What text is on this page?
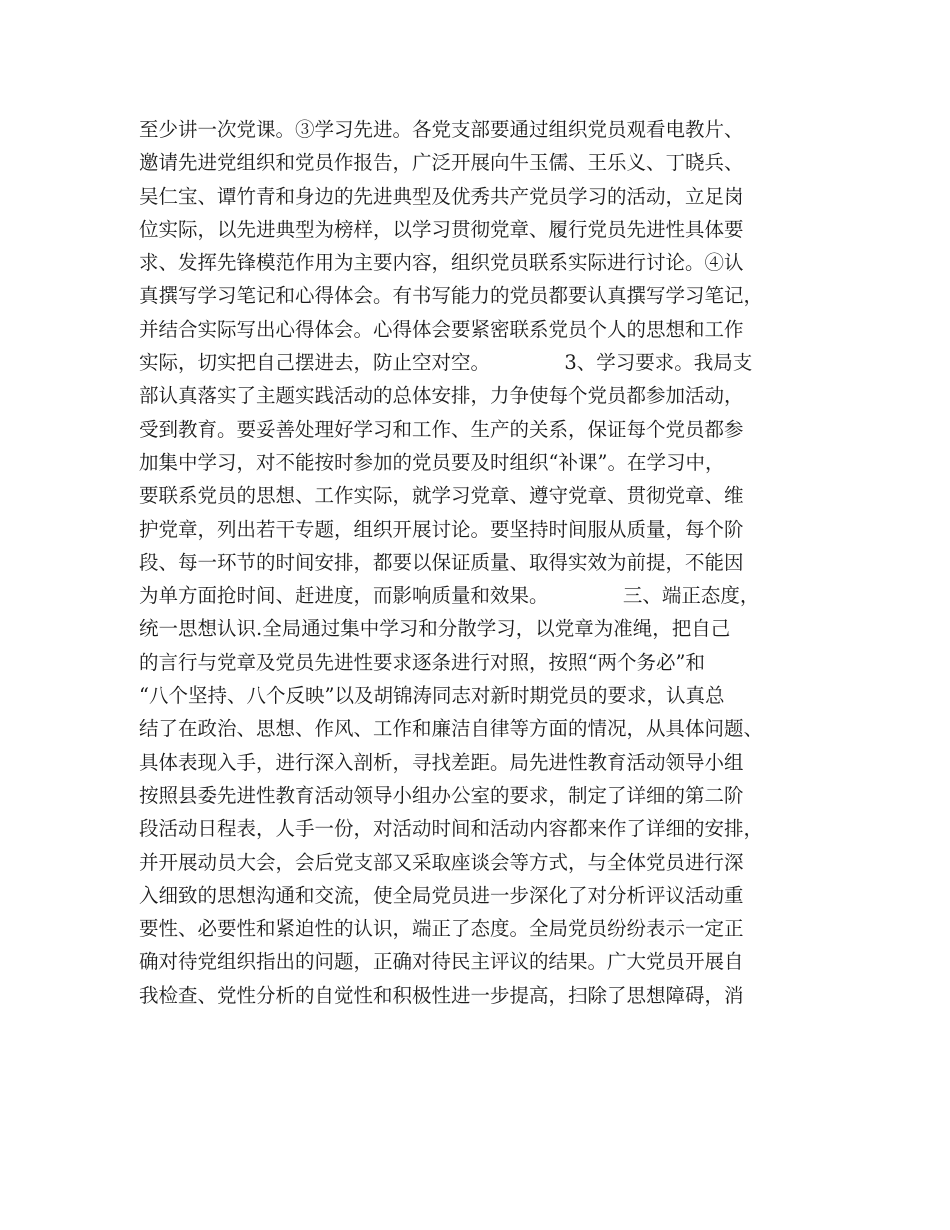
至少讲一次党课。③学习先进。各党支部要通过组织党员观看电教片、
邀请先进党组织和党员作报告，广泛开展向牛玉儒、王乐义、丁晓兵、
吴仁宝、谭竹青和身边的先进典型及优秀共产党员学习的活动，立足岗
位实际，以先进典型为榜样，以学习贯彻党章、履行党员先进性具体要
求、发挥先锋模范作用为主要内容，组织党员联系实际进行讨论。④认
真撰写学习笔记和心得体会。有书写能力的党员都要认真撰写学习笔记，
并结合实际写出心得体会。心得体会要紧密联系党员个人的思想和工作
实际，切实把自己摆进去，防止空对空。            3、学习要求。我局支
部认真落实了主题实践活动的总体安排，力争使每个党员都参加活动，
受到教育。要妥善处理好学习和工作、生产的关系，保证每个党员都参
加集中学习，对不能按时参加的党员要及时组织“补课”。在学习中，
要联系党员的思想、工作实际，就学习党章、遵守党章、贯彻党章、维
护党章，列出若干专题，组织开展讨论。要坚持时间服从质量，每个阶
段、每一环节的时间安排，都要以保证质量、取得实效为前提，不能因
为单方面抢时间、赶进度，而影响质量和效果。            三、端正态度，
统一思想认识.全局通过集中学习和分散学习，以党章为准绳，把自己
的言行与党章及党员先进性要求逐条进行对照，按照“两个务必”和
“八个坚持、八个反映”以及胡锦涛同志对新时期党员的要求，认真总
结了在政治、思想、作风、工作和廉洁自律等方面的情况，从具体问题、
具体表现入手，进行深入剖析，寻找差距。局先进性教育活动领导小组
按照县委先进性教育活动领导小组办公室的要求，制定了详细的第二阶
段活动日程表，人手一份，对活动时间和活动内容都来作了详细的安排，
并开展动员大会，会后党支部又采取座谈会等方式，与全体党员进行深
入细致的思想沟通和交流，使全局党员进一步深化了对分析评议活动重
要性、必要性和紧迫性的认识，端正了态度。全局党员纷纷表示一定正
确对待党组织指出的问题，正确对待民主评议的结果。广大党员开展自
我检查、党性分析的自觉性和积极性进一步提高，扫除了思想障碍，消
